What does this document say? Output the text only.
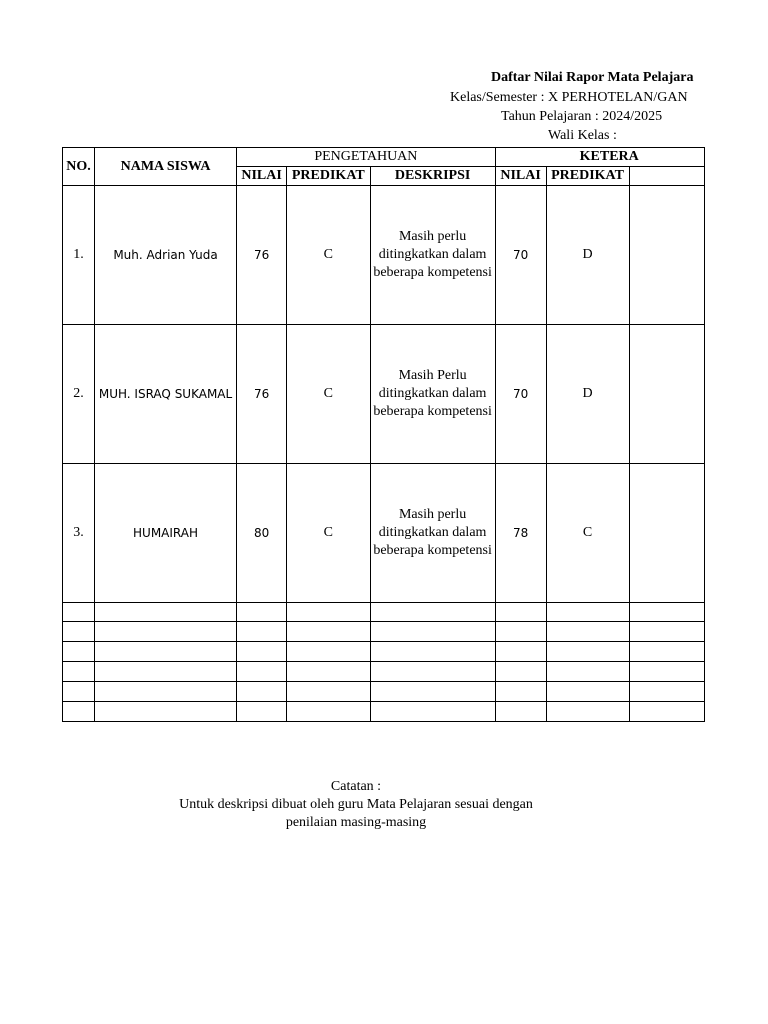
Daftar Nilai Rapor Mata Pelajara
Kelas/Semester : X PERHOTELAN/GAN
Tahun Pelajaran : 2024/2025
Wali Kelas :
NO.	NAMA SISWA	PENGETAHUAN			KETERA		
		NILAI	PREDIKAT	DESKRIPSI	NILAI	PREDIKAT	
1.	Muh. Adrian Yuda	76	C	Masih perlu
ditingkatkan dalam
beberapa kompetensi	70	D	
2.	MUH. ISRAQ SUKAMAL	76	C	Masih Perlu
ditingkatkan dalam
beberapa kompetensi	70	D	
3.	HUMAIRAH	80	C	Masih perlu
ditingkatkan dalam
beberapa kompetensi	78	C	

Catatan :
Untuk deskripsi dibuat oleh guru Mata Pelajaran sesuai dengan
penilaian masing-masing
